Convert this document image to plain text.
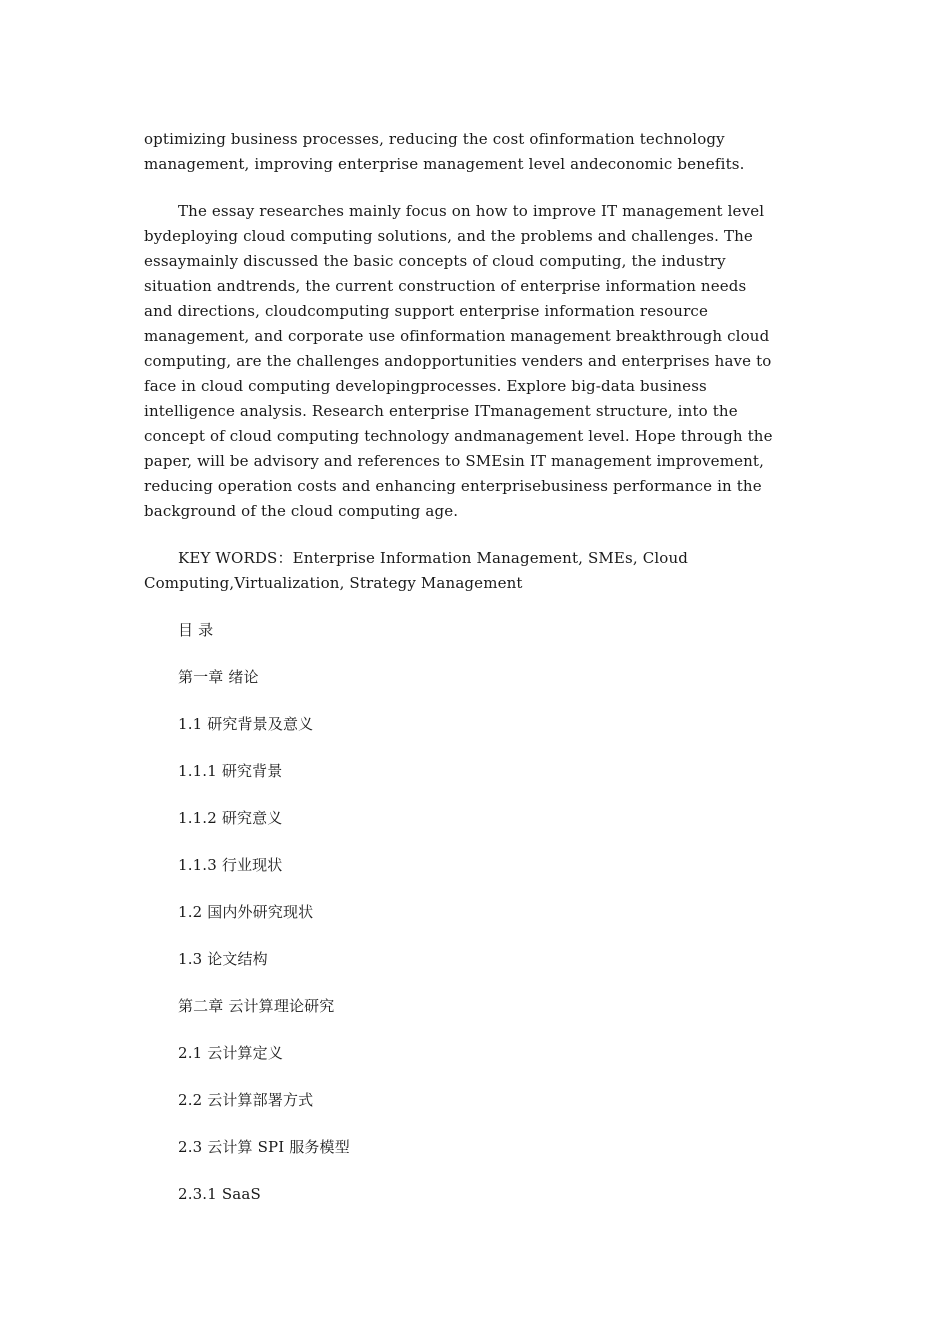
optimizing business processes, reducing the cost ofinformation technology
management, improving enterprise management level andeconomic benefits.
The essay researches mainly focus on how to improve IT management level
bydeploying cloud computing solutions, and the problems and challenges. The
essaymainly discussed the basic concepts of cloud computing, the industry
situation andtrends, the current construction of enterprise information needs
and directions, cloudcomputing support enterprise information resource
management, and corporate use ofinformation management breakthrough cloud
computing, are the challenges andopportunities venders and enterprises have to
face in cloud computing developingprocesses. Explore big-data business
intelligence analysis. Research enterprise ITmanagement structure, into the
concept of cloud computing technology andmanagement level. Hope through the
paper, will be advisory and references to SMEsin IT management improvement,
reducing operation costs and enhancing enterprisebusiness performance in the
background of the cloud computing age.
KEY WORDS：Enterprise Information Management, SMEs, Cloud
Computing,Virtualization, Strategy Management
目 录
第一章 绪论
1.1 研究背景及意义
1.1.1 研究背景
1.1.2 研究意义
1.1.3 行业现状
1.2 国内外研究现状
1.3 论文结构
第二章 云计算理论研究
2.1 云计算定义
2.2 云计算部署方式
2.3 云计算 SPI 服务模型
2.3.1 SaaS
